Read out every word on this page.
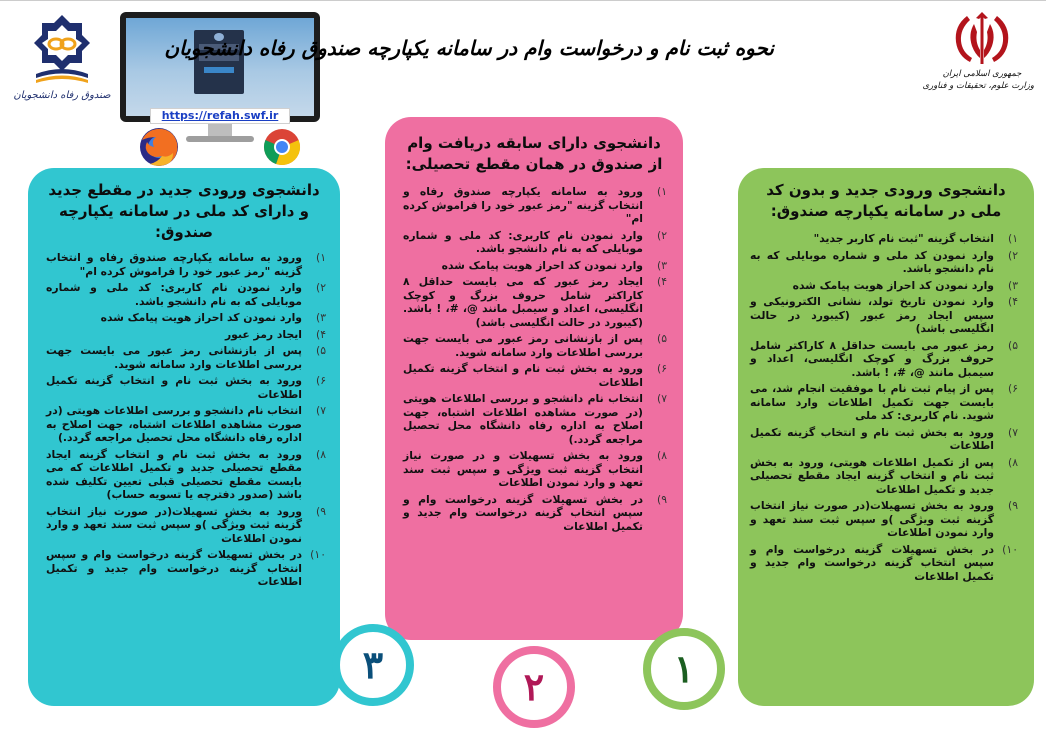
صندوق رفاه دانشجویان
https://refah.swf.ir
نحوه ثبت نام و درخواست وام در سامانه یکپارچه صندوق رفاه دانشجویان
جمهوری اسلامی ایران
وزارت علوم، تحقیقات و فناوری
دانشجوی ورودی جدید و بدون کد ملی در سامانه یکپارچه صندوق:
۱)
انتخاب گزینه "ثبت نام کاربر جدید"
۲)
وارد نمودن کد ملی و شماره موبایلی که به نام دانشجو باشد.
۳)
وارد نمودن کد احراز هویت پیامک شده
۴)
وارد نمودن تاریخ تولد، نشانی الکترونیکی و سپس ایجاد رمز عبور (کیبورد در حالت انگلیسی باشد)
۵)
رمز عبور می بایست حداقل ۸ کاراکتر شامل حروف بزرگ و کوچک انگلیسی، اعداد و سیمبل مانند @، #، ! باشد.
۶)
پس از پیام ثبت نام با موفقیت انجام شد، می بایست جهت تکمیل اطلاعات وارد سامانه شوید. نام کاربری: کد ملی
۷)
ورود به بخش ثبت نام و انتخاب گزینه تکمیل اطلاعات
۸)
پس از تکمیل اطلاعات هویتی، ورود به بخش ثبت نام و انتخاب گزینه ایجاد مقطع تحصیلی جدید و تکمیل اطلاعات
۹)
ورود به بخش تسهیلات(در صورت نیاز انتخاب گزینه ثبت ویژگی )و سپس ثبت سند تعهد و وارد نمودن اطلاعات
۱۰)
در بخش تسهیلات گزینه درخواست وام و سپس انتخاب گزینه درخواست وام جدید و تکمیل اطلاعات
دانشجوی دارای سابقه دریافت وام از صندوق در همان مقطع تحصیلی:
۱)
ورود به سامانه یکپارچه صندوق رفاه و انتخاب گزینه "رمز عبور خود را فراموش کرده ام"
۲)
وارد نمودن نام کاربری: کد ملی و شماره موبایلی که به نام دانشجو باشد.
۳)
وارد نمودن کد احراز هویت پیامک شده
۴)
ایجاد رمز عبور که می بایست حداقل ۸ کاراکتر شامل حروف بزرگ و کوچک انگلیسی، اعداد و سیمبل مانند @، #، ! باشد. (کیبورد در حالت انگلیسی باشد)
۵)
پس از بازنشانی رمز عبور می بایست جهت بررسی اطلاعات وارد سامانه شوید.
۶)
ورود به بخش ثبت نام و انتخاب گزینه تکمیل اطلاعات
۷)
انتخاب نام دانشجو و بررسی اطلاعات هویتی (در صورت مشاهده اطلاعات اشتباه، جهت اصلاح به اداره رفاه دانشگاه محل تحصیل مراجعه گردد.)
۸)
ورود به بخش تسهیلات و در صورت نیاز انتخاب گزینه ثبت ویژگی و سپس ثبت سند تعهد و وارد نمودن اطلاعات
۹)
در بخش تسهیلات گزینه درخواست وام و سپس انتخاب گزینه درخواست وام جدید و تکمیل اطلاعات
دانشجوی ورودی جدید در مقطع جدید و دارای کد ملی در سامانه یکپارچه صندوق:
۱)
ورود به سامانه یکپارچه صندوق رفاه و انتخاب گزینه "رمز عبور خود را فراموش کرده ام"
۲)
وارد نمودن نام کاربری: کد ملی و شماره موبایلی که به نام دانشجو باشد.
۳)
وارد نمودن کد احراز هویت پیامک شده
۴)
ایجاد رمز عبور
۵)
پس از بازنشانی رمز عبور می بایست جهت بررسی اطلاعات وارد سامانه شوید.
۶)
ورود به بخش ثبت نام و انتخاب گزینه تکمیل اطلاعات
۷)
انتخاب نام دانشجو و بررسی اطلاعات هویتی (در صورت مشاهده اطلاعات اشتباه، جهت اصلاح به اداره رفاه دانشگاه محل تحصیل مراجعه گردد.)
۸)
ورود به بخش ثبت نام و انتخاب گزینه ایجاد مقطع تحصیلی جدید و تکمیل اطلاعات که می بایست مقطع تحصیلی قبلی تعیین تکلیف شده باشد (صدور دفترچه یا تسویه حساب)
۹)
ورود به بخش تسهیلات(در صورت نیاز انتخاب گزینه ثبت ویژگی )و سپس ثبت سند تعهد و وارد نمودن اطلاعات
۱۰)
در بخش تسهیلات گزینه درخواست وام و سپس انتخاب گزینه درخواست وام جدید و تکمیل اطلاعات
۱
۲
۳
